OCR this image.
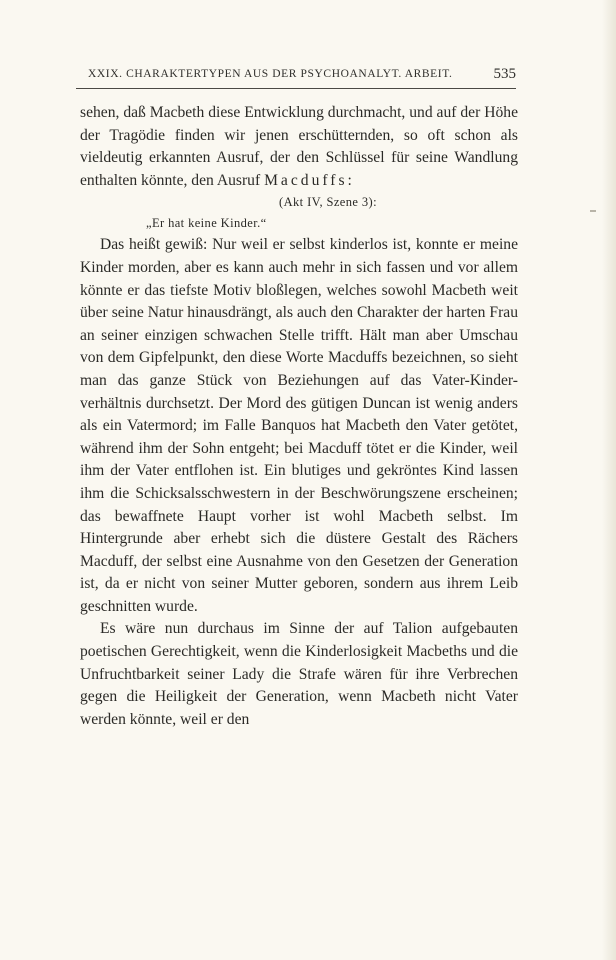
XXIX. CHARAKTERTYPEN AUS DER PSYCHOANALYT. ARBEIT.	535

sehen, daß Macbeth diese Entwicklung durchmacht, und auf der Höhe der Tragödie finden wir jenen erschütternden, so oft schon als vieldeutig erkannten Ausruf, der den Schlüssel für seine Wandlung enthalten könnte, den Ausruf Macduffs:

(Akt IV, Szene 3):

„Er hat keine Kinder.“

Das heißt gewiß: Nur weil er selbst kinderlos ist, konnte er meine Kinder morden, aber es kann auch mehr in sich fassen und vor allem könnte er das tiefste Motiv bloßlegen, welches sowohl Macbeth weit über seine Natur hinausdrängt, als auch den Charakter der harten Frau an seiner einzigen schwachen Stelle trifft. Hält man aber Umschau von dem Gipfelpunkt, den diese Worte Macduffs bezeichnen, so sieht man das ganze Stück von Beziehungen auf das Vater-Kinder-verhältnis durchsetzt. Der Mord des gütigen Duncan ist wenig anders als ein Vatermord; im Falle Banquos hat Macbeth den Vater getötet, während ihm der Sohn entgeht; bei Macduff tötet er die Kinder, weil ihm der Vater entflohen ist. Ein blutiges und gekröntes Kind lassen ihm die Schicksalsschwestern in der Beschwörungszene erscheinen; das bewaffnete Haupt vorher ist wohl Macbeth selbst. Im Hintergrunde aber erhebt sich die düstere Gestalt des Rächers Macduff, der selbst eine Ausnahme von den Gesetzen der Generation ist, da er nicht von seiner Mutter geboren, sondern aus ihrem Leib geschnitten wurde.

Es wäre nun durchaus im Sinne der auf Talion aufgebauten poetischen Gerechtigkeit, wenn die Kinderlosigkeit Macbeths und die Unfruchtbarkeit seiner Lady die Strafe wären für ihre Verbrechen gegen die Heiligkeit der Generation, wenn Macbeth nicht Vater werden könnte, weil er den
